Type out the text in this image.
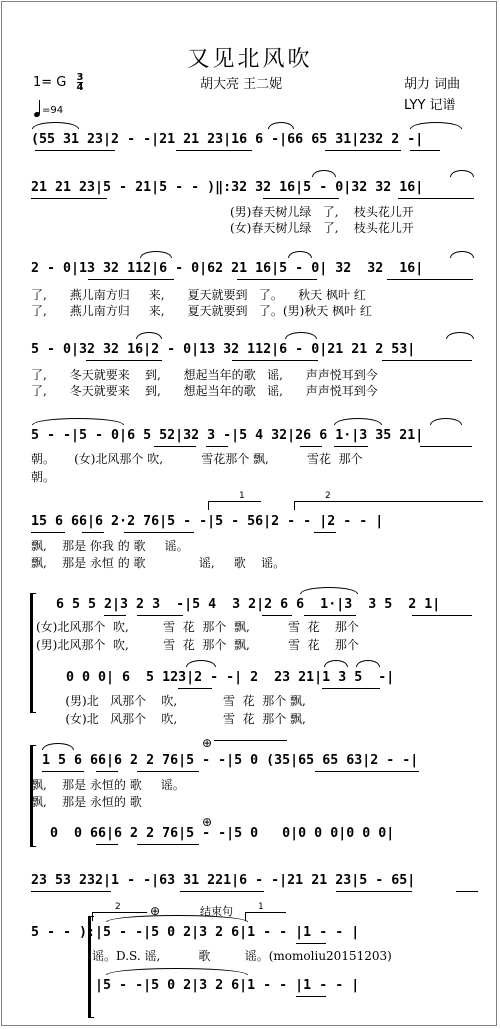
又见北风吹
1= G $\frac{3}{4}$	胡大亮 王二妮	胡力 词曲
LYY 记谱
=94
(55 31 23|2 - -|21 21 23|16 6 -|66 65 31|232 2 -|
21 21 23|5 - 21|5 - - )‖:32 32 16|5 - 0|32 32 16|
(男)春天树儿绿   了,    枝头花儿开
(女)春天树儿绿   了,    枝头花儿开
2 - 0|13 32 112|6 - 0|62 21 16|5 - 0| 32  32  16|
了,      燕儿南方归     来,      夏天就要到   了。    秋天 枫叶 红
了,      燕儿南方归     来,      夏天就要到   了。(男)秋天 枫叶 红
5 - 0|32 32 16|2 - 0|13 32 112|6 - 0|21 21 2 53|
了,      冬天就要来    到,      想起当年的歌   谣,      声声悦耳到今
了,      冬天就要来    到,      想起当年的歌   谣,      声声悦耳到今
5 - -|5 - 0|6 5 52|32 3 -|5 4 32|26 6 1·|3 35 21|
朝。     (女)北风那个 吹,          雪花那个 飘,          雪花  那个
朝。
1	2
15 6 66|6 2·2 76|5 - -|5 - 56|2 - - |2 - - |
飘,    那是 你我 的 歌     谣。
飘,    那是 永恒 的 歌              谣,     歌    谣。
6 5 5 2|3 2 3  -|5 4  3 2|2 6 6  1·|3  3 5  2 1|
(女)北风那个  吹,         雪  花  那个  飘,          雪  花    那个
(男)北风那个  吹,         雪  花  那个  飘,          雪  花    那个
0 0 0| 6  5 123|2 - -| 2  23 21|1 3 5  -|
(男)北   风那个    吹,            雪  花  那个 飘,
(女)北   风那个    吹,            雪  花  那个 飘,
⊕
1 5 6 66|6 2 2 76|5 - -|5 0 (35|65 65 63|2 - -|
飘,    那是 永恒的 歌     谣。
飘,    那是 永恒的 歌
⊕
0  0 66|6 2 2 76|5 - -|5 0   0|0 0 0|0 0 0|
23 53 232|1 - -|63 31 221|6 - -|21 21 23|5 - 65|
2 ⊕	结束句	1
5 - - ):|5 - -|5 0 2|3 2 6|1 - - |1 - - |
谣。D.S. 谣,          歌         谣。(momoliu20151203)
|5 - -|5 0 2|3 2 6|1 - - |1 - - |
